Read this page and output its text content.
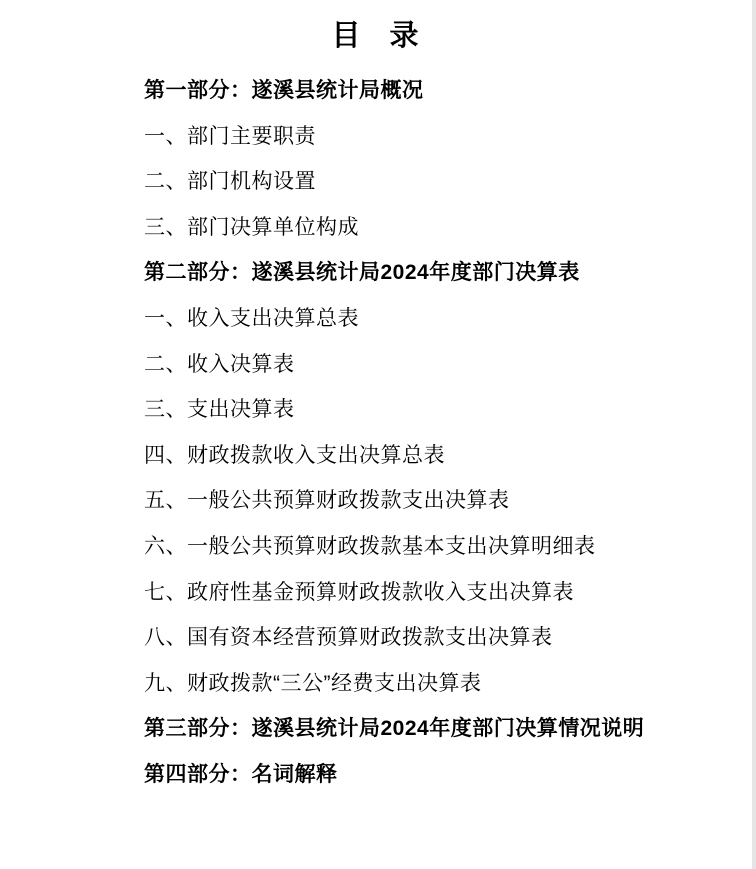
目　录
第一部分：遂溪县统计局概况
一、部门主要职责
二、部门机构设置
三、部门决算单位构成
第二部分：遂溪县统计局2024年度部门决算表
一、收入支出决算总表
二、收入决算表
三、支出决算表
四、财政拨款收入支出决算总表
五、一般公共预算财政拨款支出决算表
六、一般公共预算财政拨款基本支出决算明细表
七、政府性基金预算财政拨款收入支出决算表
八、国有资本经营预算财政拨款支出决算表
九、财政拨款“三公”经费支出决算表
第三部分：遂溪县统计局2024年度部门决算情况说明
第四部分：名词解释
